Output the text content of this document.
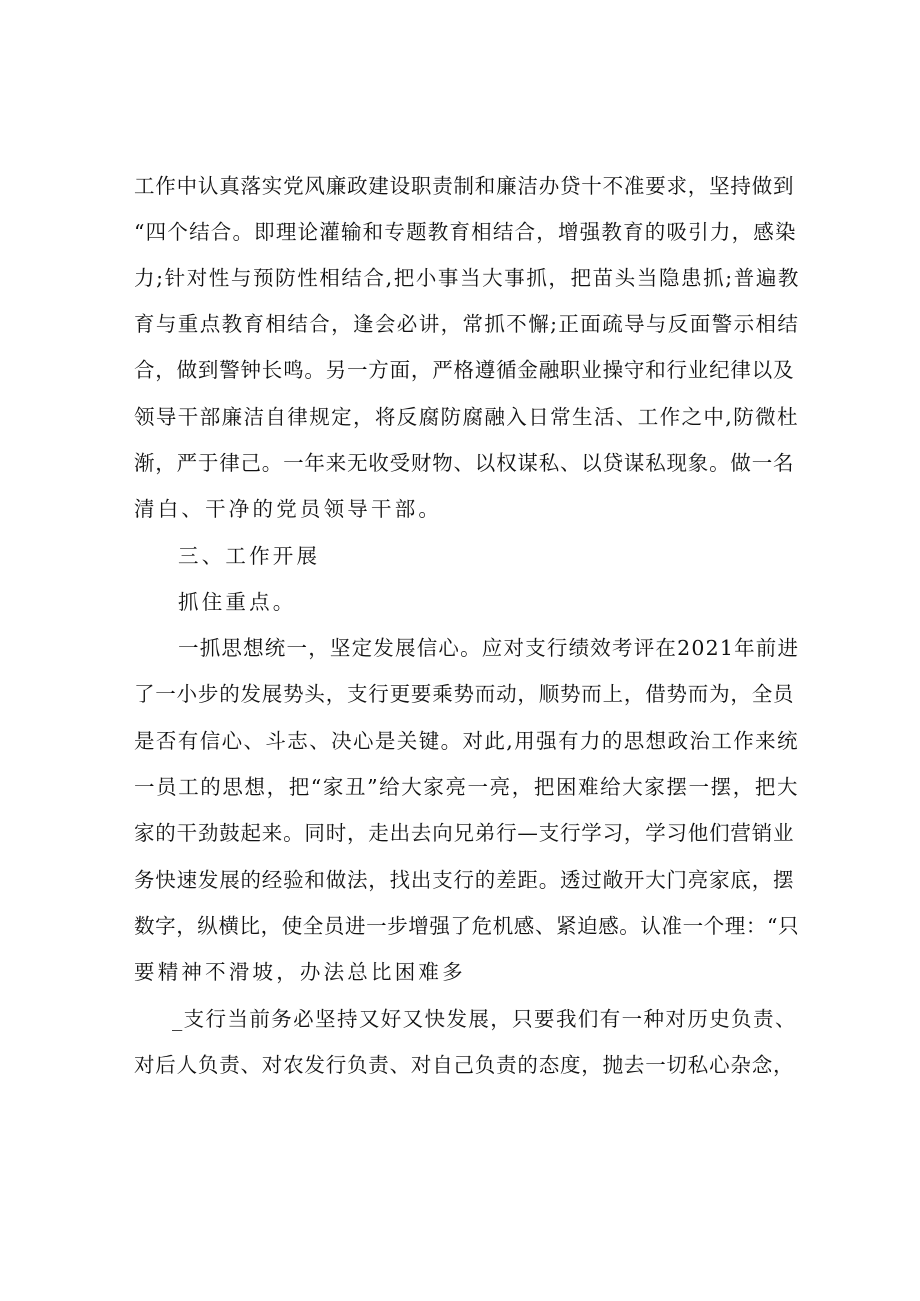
工作中认真落实党风廉政建设职责制和廉洁办贷十不准要求，坚持做到
“四个结合。即理论灌输和专题教育相结合，增强教育的吸引力，感染
力;针对性与预防性相结合,把小事当大事抓，把苗头当隐患抓;普遍教
育与重点教育相结合，逢会必讲，常抓不懈;正面疏导与反面警示相结
合，做到警钟长鸣。另一方面，严格遵循金融职业操守和行业纪律以及
领导干部廉洁自律规定，将反腐防腐融入日常生活、工作之中,防微杜
渐，严于律己。一年来无收受财物、以权谋私、以贷谋私现象。做一名
清白、干净的党员领导干部。
三、工作开展
抓住重点。
一抓思想统一，坚定发展信心。应对支行绩效考评在2021年前进
了一小步的发展势头，支行更要乘势而动，顺势而上，借势而为，全员
是否有信心、斗志、决心是关键。对此,用强有力的思想政治工作来统
一员工的思想，把“家丑”给大家亮一亮，把困难给大家摆一摆，把大
家的干劲鼓起来。同时，走出去向兄弟行—支行学习，学习他们营销业
务快速发展的经验和做法，找出支行的差距。透过敞开大门亮家底，摆
数字，纵横比，使全员进一步增强了危机感、紧迫感。认准一个理：“只
要精神不滑坡，办法总比困难多
_支行当前务必坚持又好又快发展，只要我们有一种对历史负责、
对后人负责、对农发行负责、对自己负责的态度，抛去一切私心杂念，
